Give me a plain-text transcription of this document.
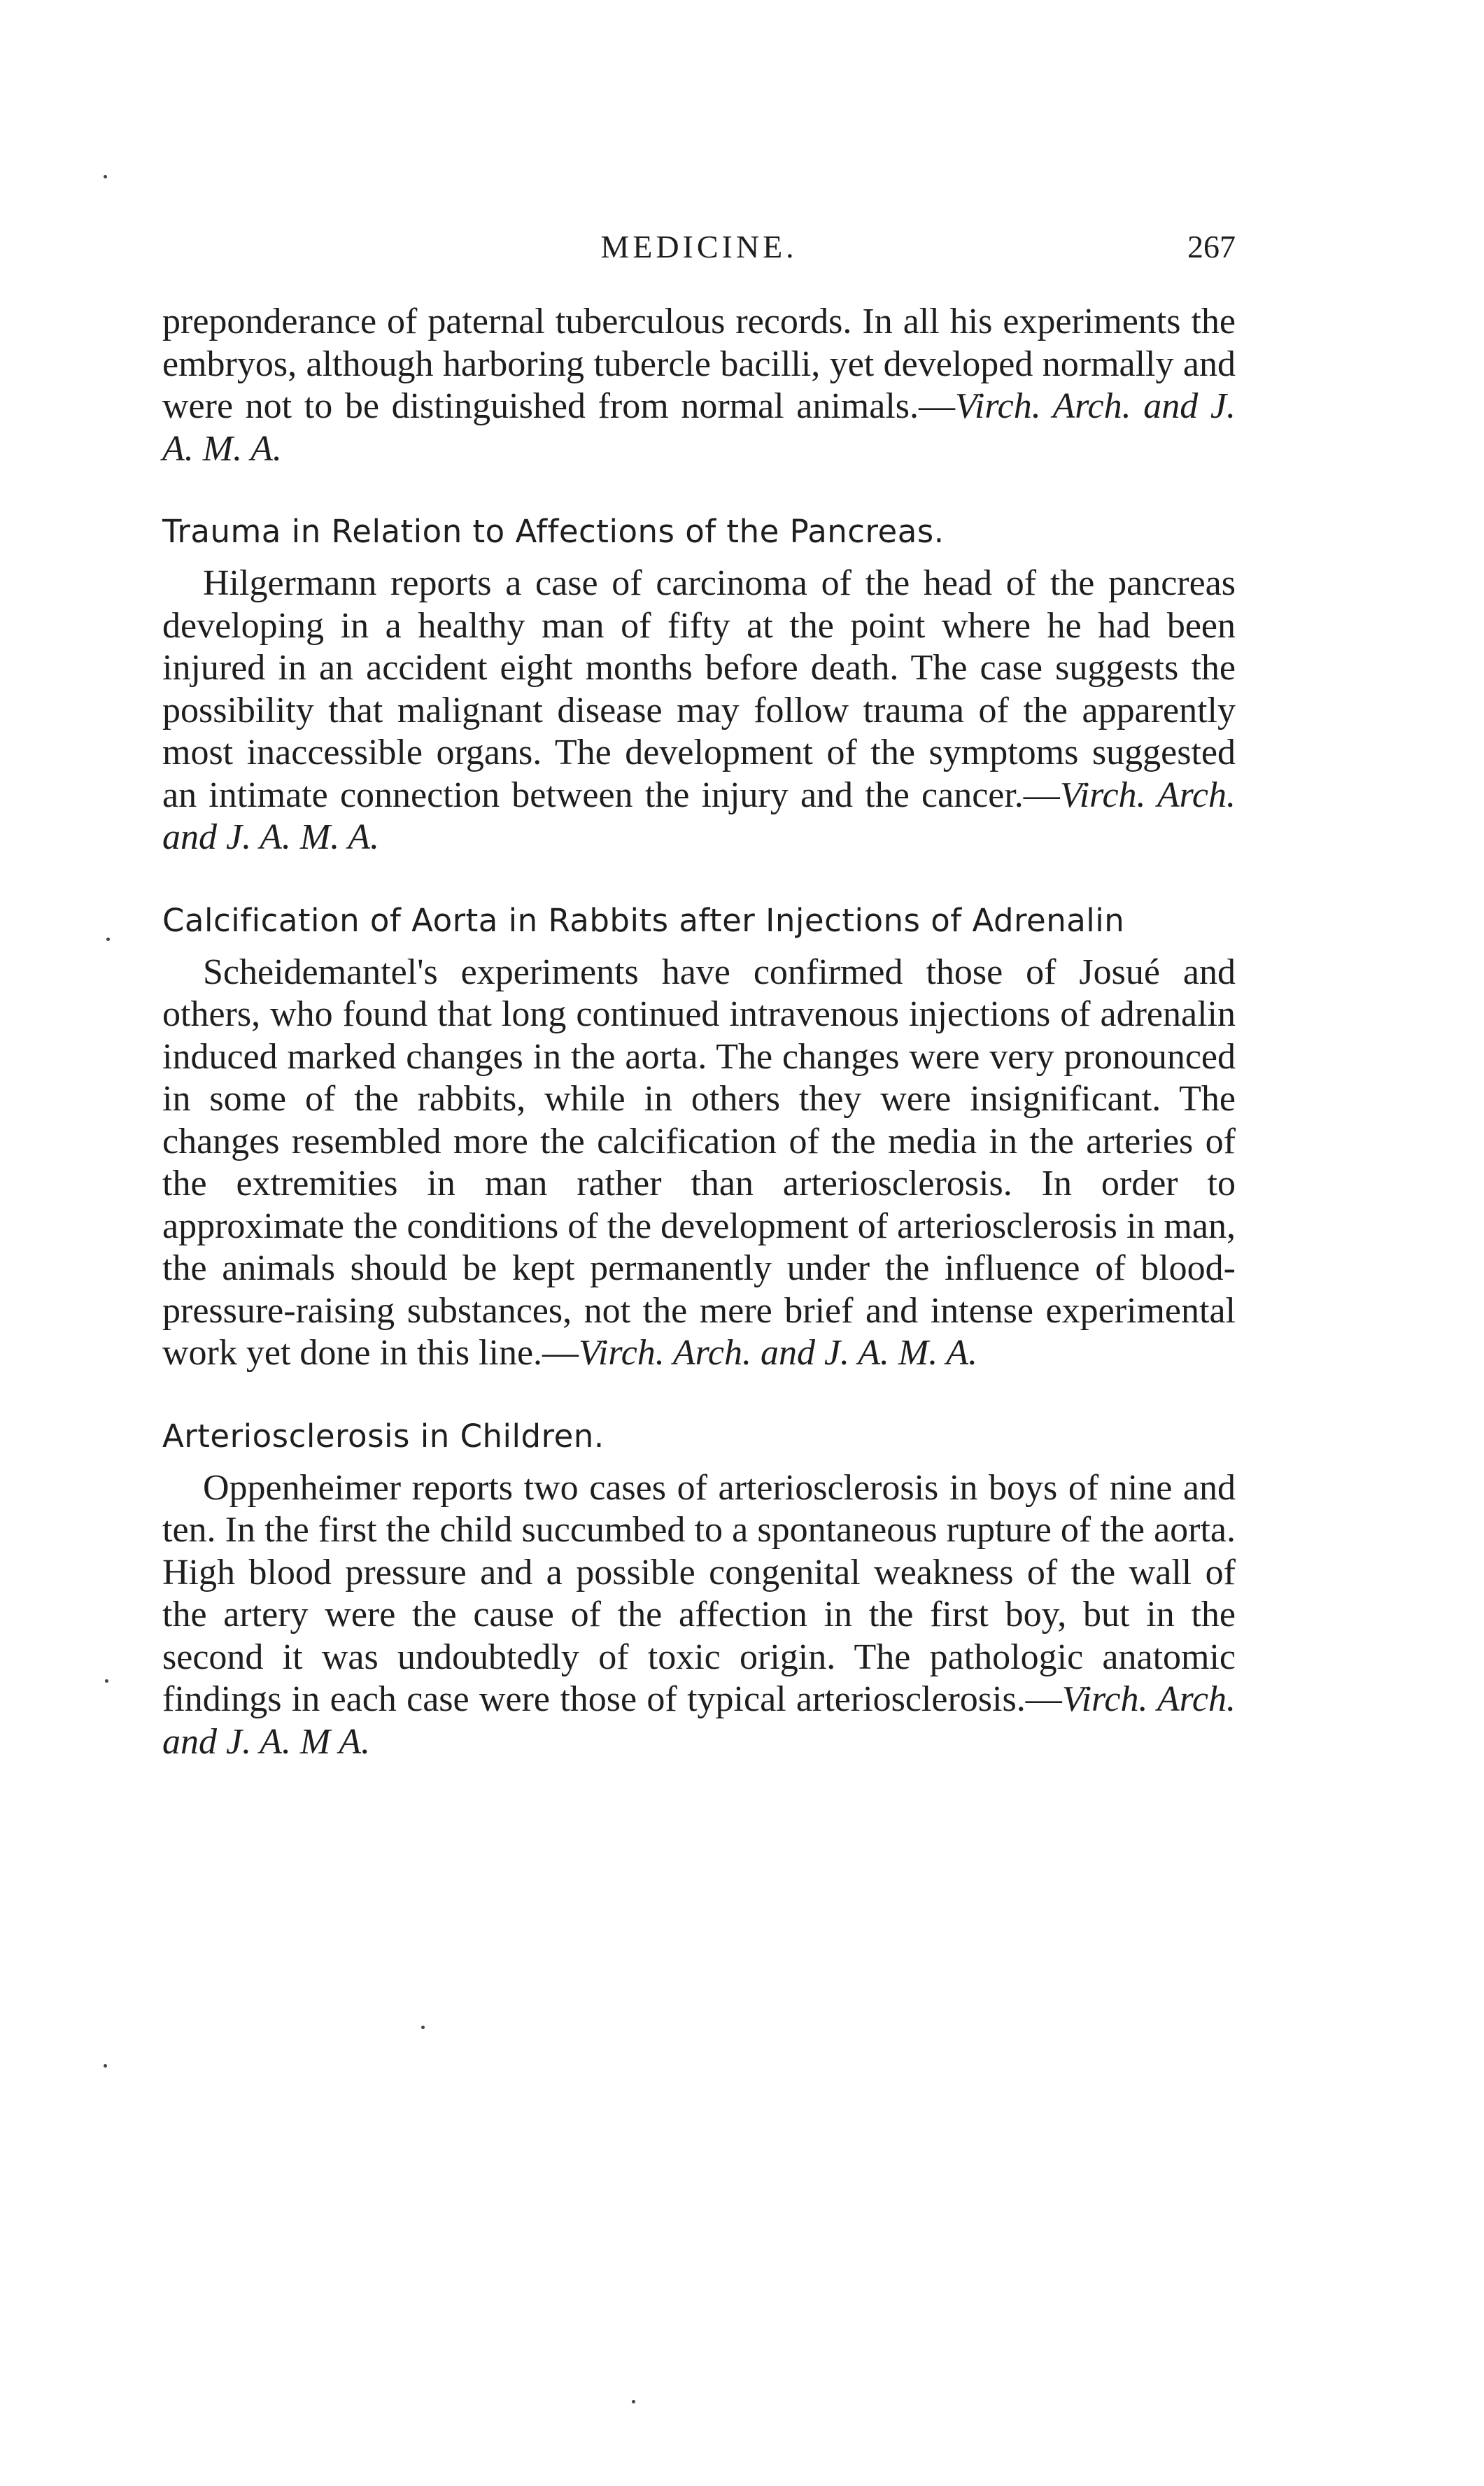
MEDICINE.	267

preponderance of paternal tuberculous records. In all his experiments the embryos, although harboring tubercle bacilli, yet developed normally and were not to be distinguished from normal animals.—Virch. Arch. and J. A. M. A.

Trauma in Relation to Affections of the Pancreas.

Hilgermann reports a case of carcinoma of the head of the pancreas developing in a healthy man of fifty at the point where he had been injured in an accident eight months before death. The case suggests the possibility that malignant disease may follow trauma of the apparently most inaccessible organs. The development of the symptoms suggested an intimate connection between the injury and the cancer.—Virch. Arch. and J. A. M. A.

Calcification of Aorta in Rabbits after Injections of Adrenalin

Scheidemantel's experiments have confirmed those of Josué and others, who found that long continued intravenous injections of adrenalin induced marked changes in the aorta. The changes were very pronounced in some of the rabbits, while in others they were insignificant. The changes resembled more the calcification of the media in the arteries of the extremities in man rather than arteriosclerosis. In order to approximate the conditions of the development of arteriosclerosis in man, the animals should be kept permanently under the influence of blood-pressure-raising substances, not the mere brief and intense experimental work yet done in this line.—Virch. Arch. and J. A. M. A.

Arteriosclerosis in Children.

Oppenheimer reports two cases of arteriosclerosis in boys of nine and ten. In the first the child succumbed to a spontaneous rupture of the aorta. High blood pressure and a possible congenital weakness of the wall of the artery were the cause of the affection in the first boy, but in the second it was undoubtedly of toxic origin. The pathologic anatomic findings in each case were those of typical arteriosclerosis.—Virch. Arch. and J. A. M A.
